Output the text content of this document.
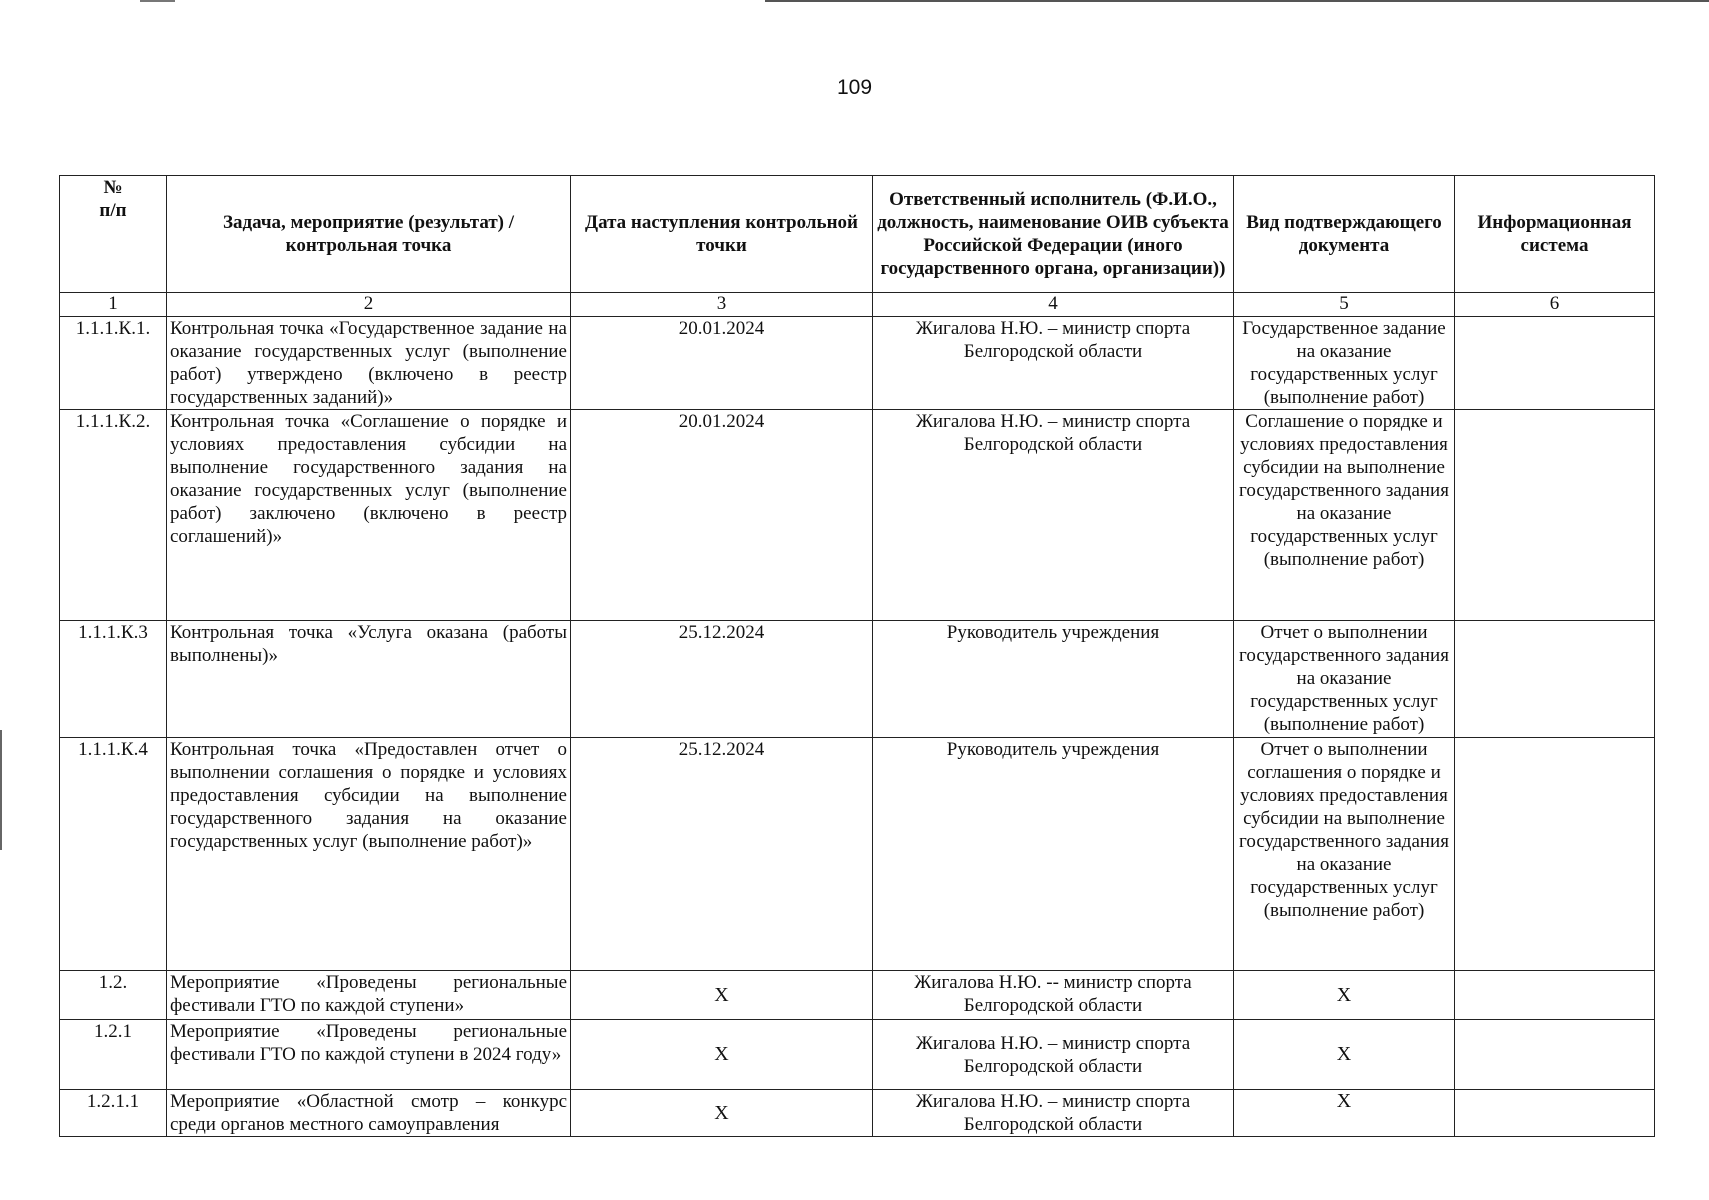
109
№
п/п	Задача, мероприятие (результат) / контрольная точка	Дата наступления контрольной точки	Ответственный исполнитель (Ф.И.О., должность, наименование ОИВ субъекта Российской Федерации (иного государственного органа, организации))	Вид подтверждающего документа	Информационная система
1	2	3	4	5	6
1.1.1.К.1.	Контрольная точка «Государственное задание на оказание государственных услуг (выполнение работ) утверждено (включено в реестр государственных заданий)»	20.01.2024	Жигалова Н.Ю. – министр спорта Белгородской области	Государственное задание на оказание государственных услуг (выполнение работ)	
1.1.1.К.2.	Контрольная точка «Соглашение о порядке и условиях предоставления субсидии на выполнение государственного задания на оказание государственных услуг (выполнение работ) заключено (включено в реестр соглашений)»	20.01.2024	Жигалова Н.Ю. – министр спорта Белгородской области	Соглашение о порядке и условиях предоставления субсидии на выполнение государственного задания на оказание государственных услуг (выполнение работ)	
1.1.1.К.3	Контрольная точка «Услуга оказана (работы выполнены)»	25.12.2024	Руководитель учреждения	Отчет о выполнении государственного задания на оказание государственных услуг (выполнение работ)	
1.1.1.К.4	Контрольная точка «Предоставлен отчет о выполнении соглашения о порядке и условиях предоставления субсидии на выполнение государственного задания на оказание государственных услуг (выполнение работ)»	25.12.2024	Руководитель учреждения	Отчет о выполнении соглашения о порядке и условиях предоставления субсидии на выполнение государственного задания на оказание государственных услуг (выполнение работ)	
1.2.	Мероприятие «Проведены региональные фестивали ГТО по каждой ступени»	Х	Жигалова Н.Ю. -- министр спорта Белгородской области	Х	
1.2.1	Мероприятие «Проведены региональные фестивали ГТО по каждой ступени в 2024 году»	Х	Жигалова Н.Ю. – министр спорта Белгородской области	Х	
1.2.1.1	Мероприятие «Областной смотр – конкурс среди органов местного самоуправления	Х	Жигалова Н.Ю. – министр спорта Белгородской области	Х	
